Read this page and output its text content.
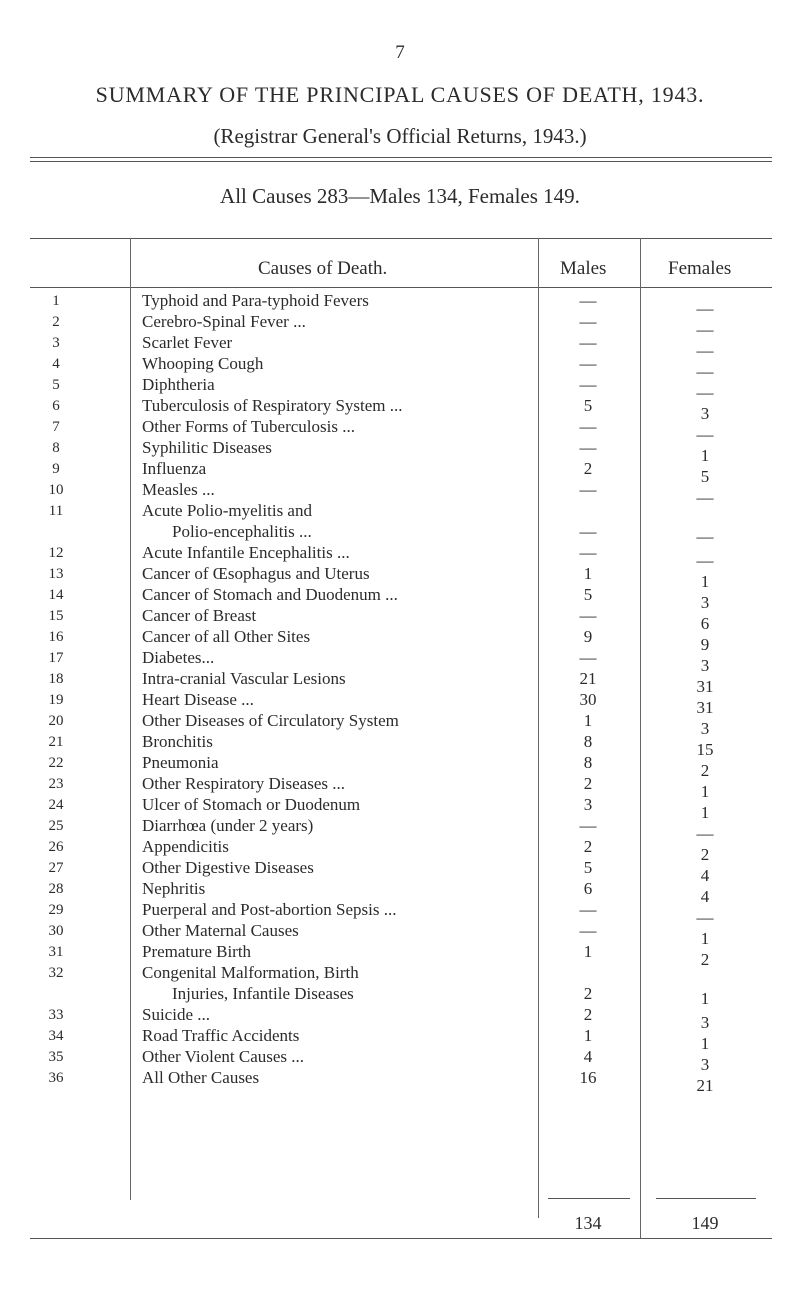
7
SUMMARY OF THE PRINCIPAL CAUSES OF DEATH, 1943.
(Registrar General's Official Returns, 1943.)
All Causes 283—Males 134, Females 149.
Causes of Death.	Males	Females
1	Typhoid and Para-typhoid Fevers	—	—
2	Cerebro-Spinal Fever ...	—	—
3	Scarlet Fever	—	—
4	Whooping Cough	—	—
5	Diphtheria	—	—
6	Tuberculosis of Respiratory System ...	5	3
7	Other Forms of Tuberculosis ...	—	—
8	Syphilitic Diseases	—	1
9	Influenza	2	5
10	Measles ...	—	—
11	Acute Polio-myelitis and
Polio-encephalitis ...	—	—
12	Acute Infantile Encephalitis ...	—	—
13	Cancer of Œsophagus and Uterus	1	1
14	Cancer of Stomach and Duodenum ...	5	3
15	Cancer of Breast	—	6
16	Cancer of all Other Sites	9	9
17	Diabetes...	—	3
18	Intra-cranial Vascular Lesions	21	31
19	Heart Disease ...	30	31
20	Other Diseases of Circulatory System	1	3
21	Bronchitis	8	15
22	Pneumonia	8	2
23	Other Respiratory Diseases ...	2	1
24	Ulcer of Stomach or Duodenum	3	1
25	Diarrhœa (under 2 years)	—	—
26	Appendicitis	2	2
27	Other Digestive Diseases	5	4
28	Nephritis	6	4
29	Puerperal and Post-abortion Sepsis ...	—	—
30	Other Maternal Causes	—	1
31	Premature Birth	1	2
32	Congenital Malformation, Birth
Injuries, Infantile Diseases	2	1
33	Suicide ...	2	3
34	Road Traffic Accidents	1	1
35	Other Violent Causes ...	4	3
36	All Other Causes	16	21
134	149
